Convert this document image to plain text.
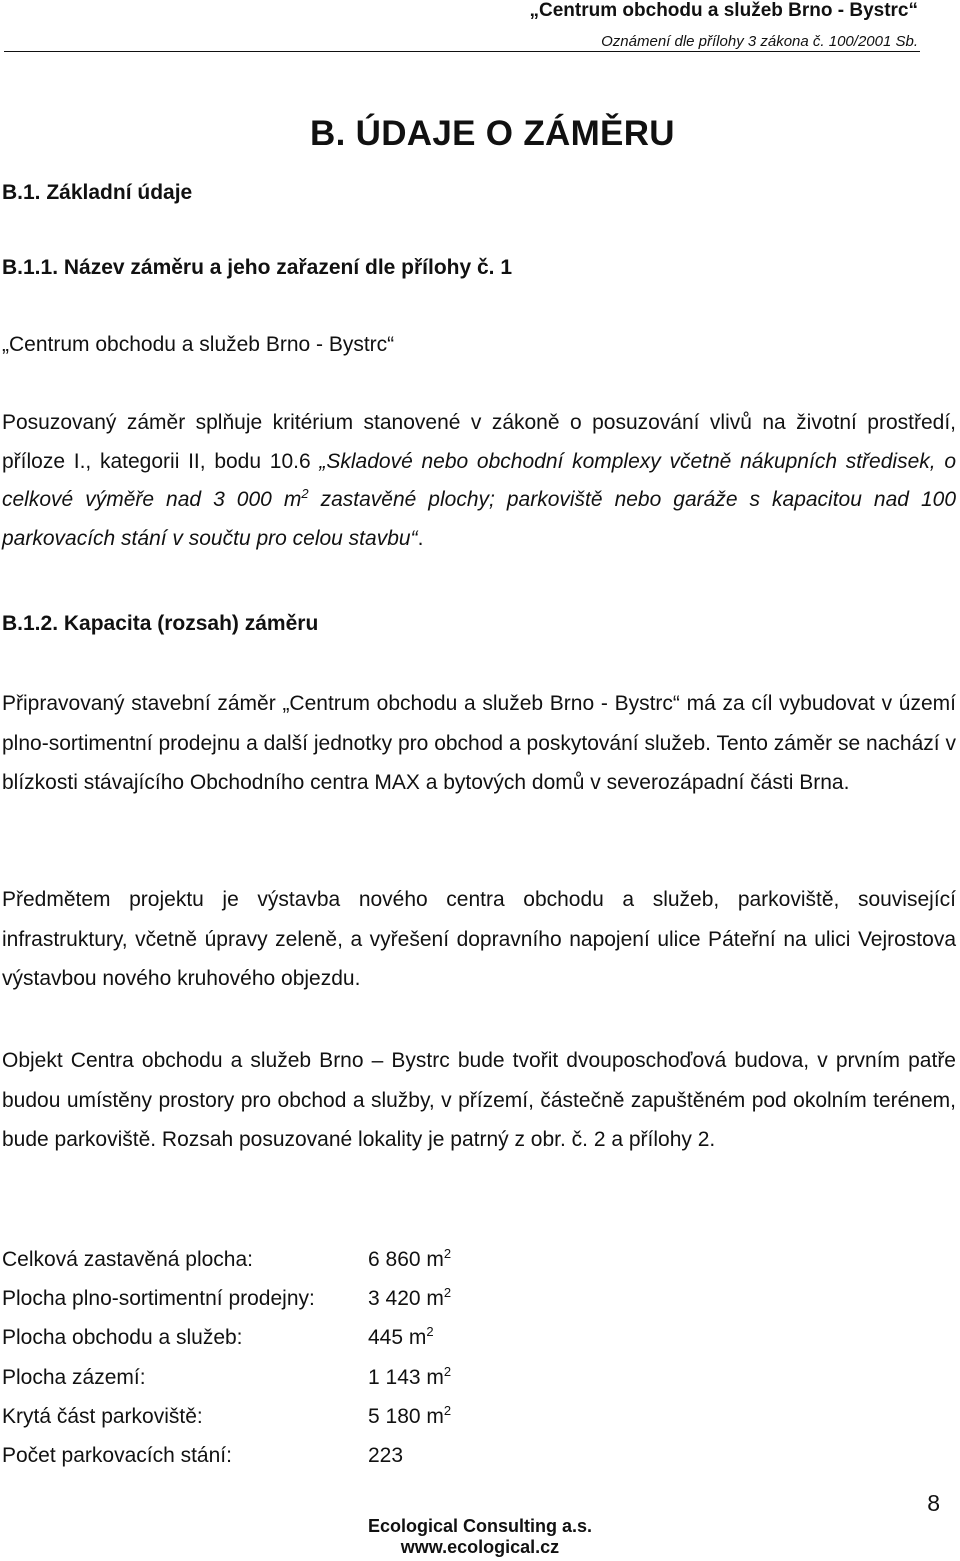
„Centrum obchodu a služeb Brno - Bystrc“
Oznámení dle přílohy 3 zákona č. 100/2001 Sb.
B. ÚDAJE O ZÁMĚRU
B.1. Základní údaje
B.1.1. Název záměru a jeho zařazení dle přílohy č. 1
„Centrum obchodu a služeb Brno - Bystrc“
Posuzovaný záměr splňuje kritérium stanovené v zákoně o posuzování vlivů na životní prostředí, příloze I., kategorii II, bodu 10.6 „Skladové nebo obchodní komplexy včetně nákupních středisek, o celkové výměře nad 3 000 $m^2$ zastavěné plochy; parkoviště nebo garáže s kapacitou nad 100 parkovacích stání v součtu pro celou stavbu“.
B.1.2. Kapacita (rozsah) záměru
Připravovaný stavební záměr „Centrum obchodu a služeb Brno - Bystrc“ má za cíl vybudovat v území plno-sortimentní prodejnu a další jednotky pro obchod a poskytování služeb. Tento záměr se nachází v blízkosti stávajícího Obchodního centra MAX a bytových domů v severozápadní části Brna.
Předmětem projektu je výstavba nového centra obchodu a služeb, parkoviště, související infrastruktury, včetně úpravy zeleně, a vyřešení dopravního napojení ulice Páteřní na ulici Vejrostova výstavbou nového kruhového objezdu.
Objekt Centra obchodu a služeb Brno – Bystrc bude tvořit dvouposchoďová budova, v prvním patře budou umístěny prostory pro obchod a služby, v přízemí, částečně zapuštěném pod okolním terénem, bude parkoviště. Rozsah posuzované lokality je patrný z obr. č. 2 a přílohy 2.
Celková zastavěná plocha:	6 860 $m^2$
Plocha plno-sortimentní prodejny:	3 420 $m^2$
Plocha obchodu a služeb:	445 $m^2$
Plocha zázemí:	1 143 $m^2$
Krytá část parkoviště:	5 180 $m^2$
Počet parkovacích stání:	223
8
Ecological Consulting a.s.
www.ecological.cz
